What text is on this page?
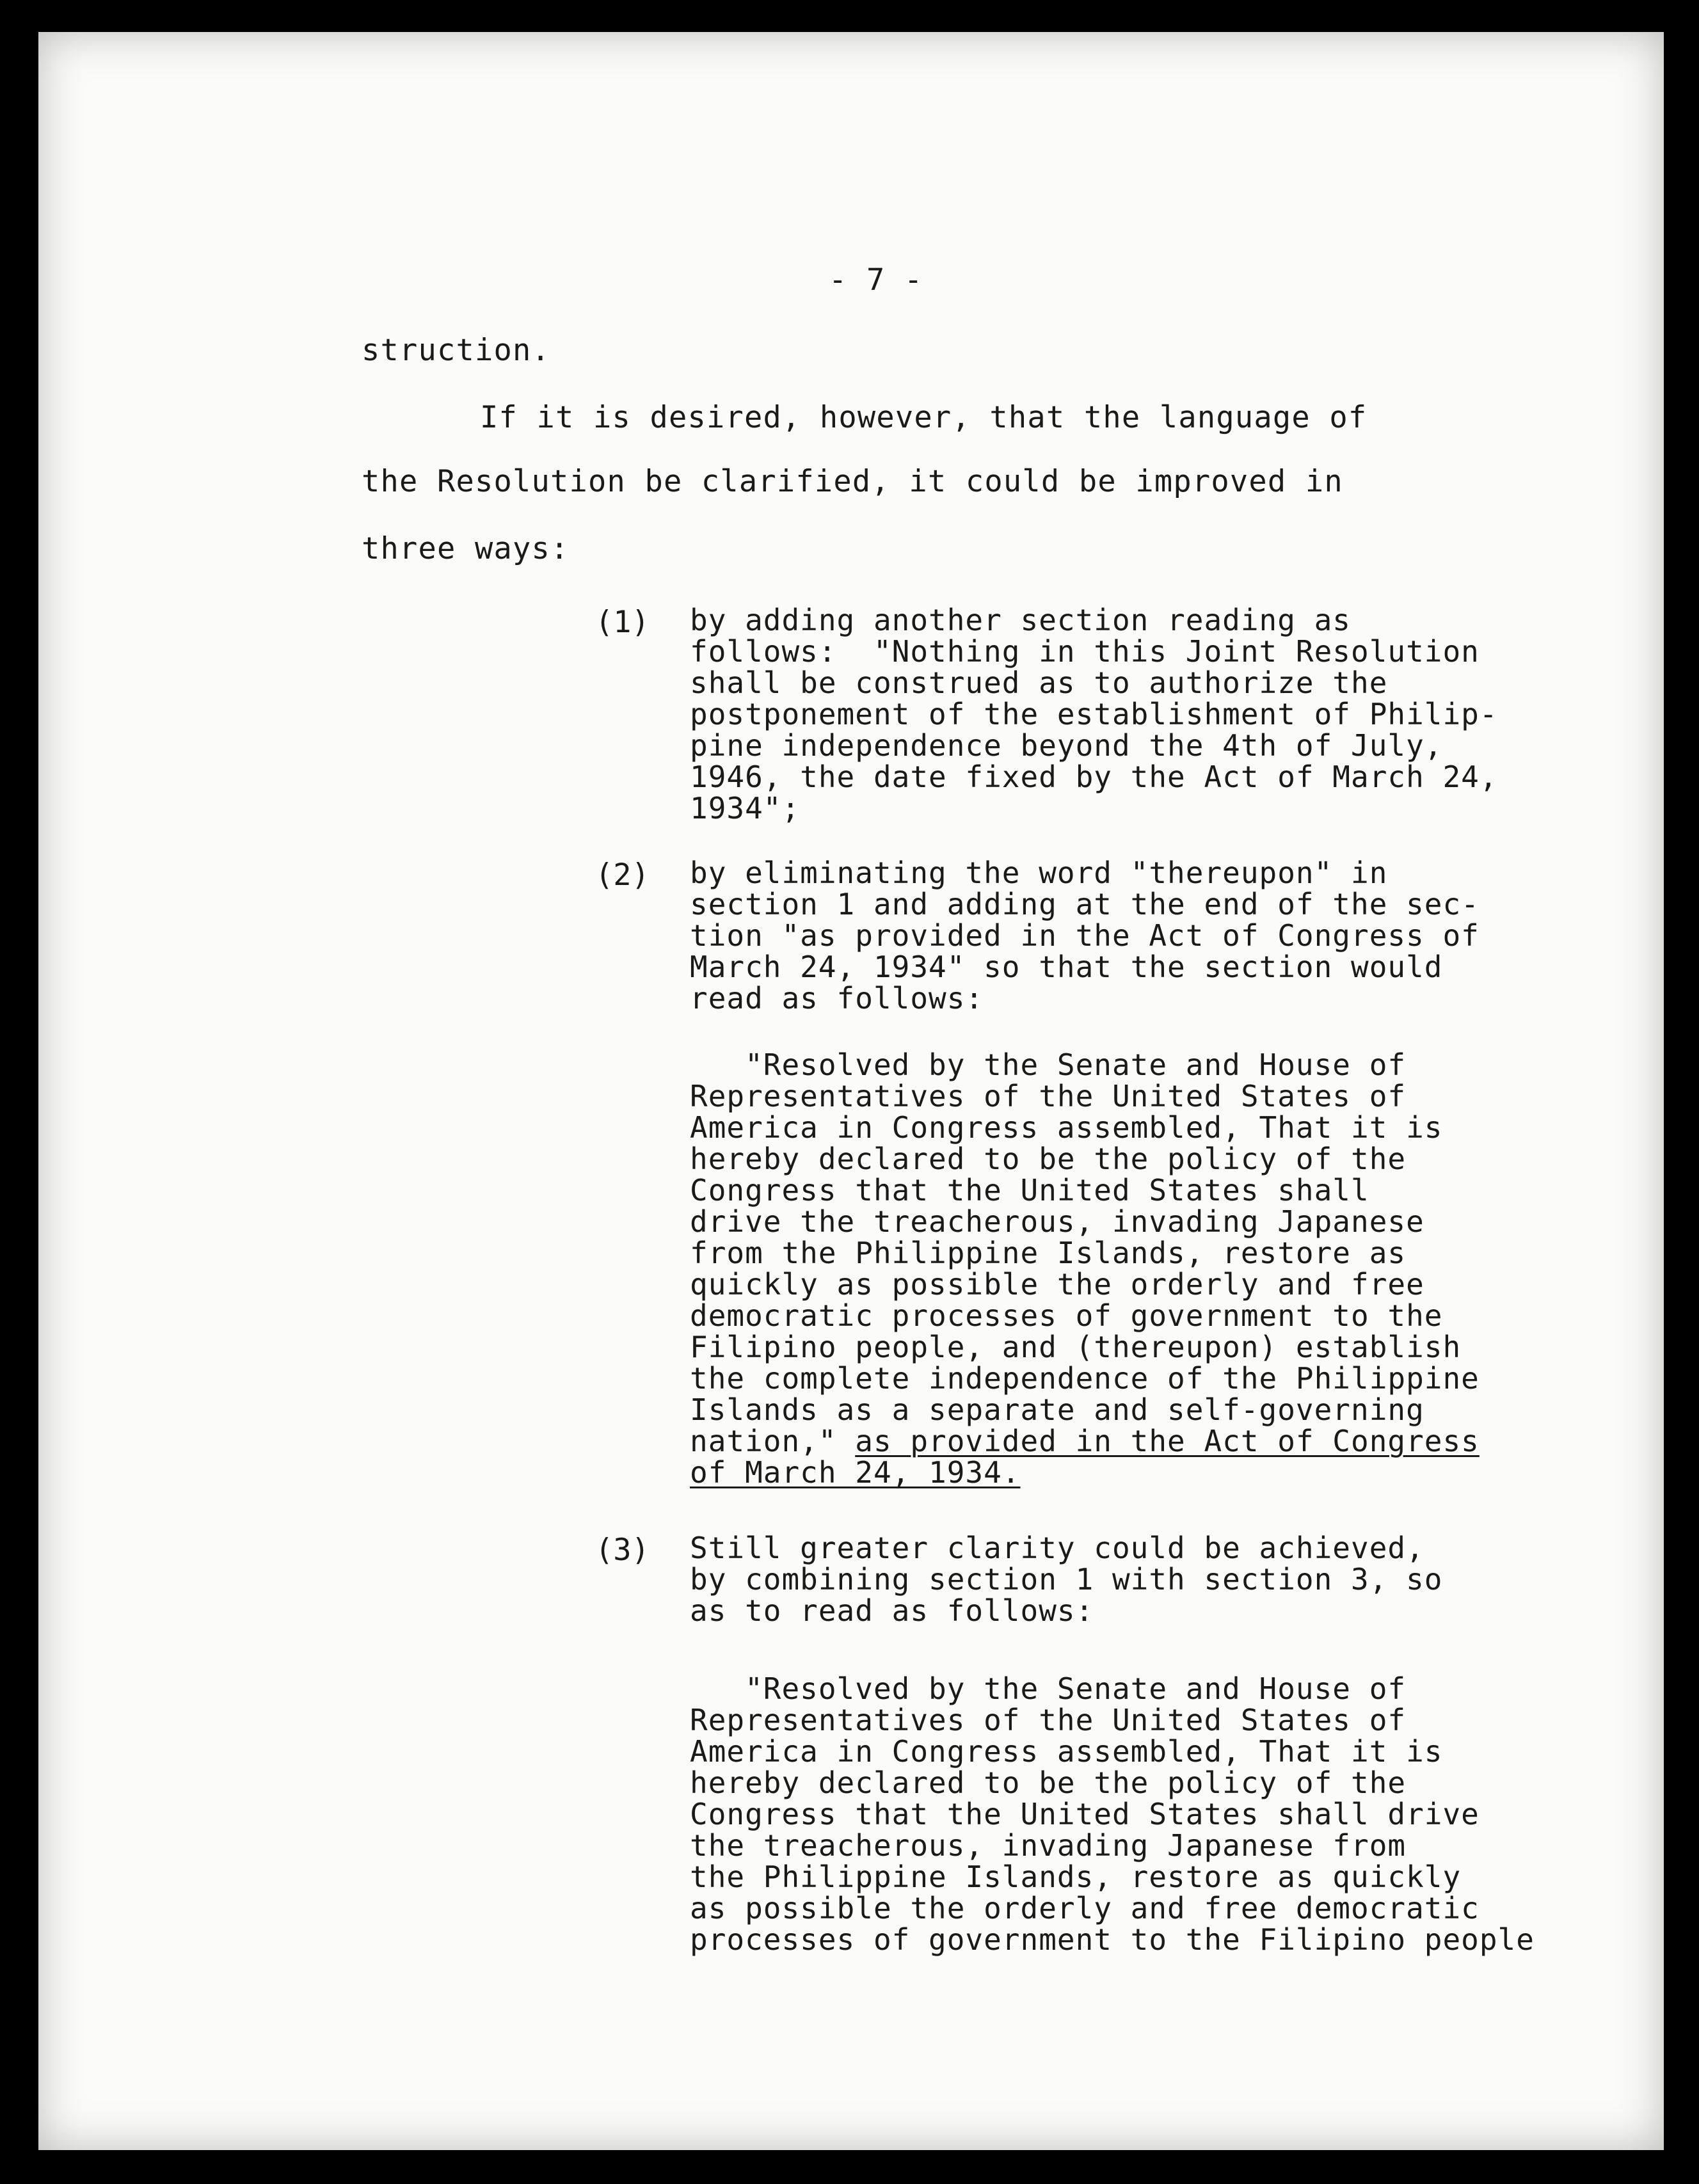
- 7 -
struction.
If it is desired, however, that the language of
the Resolution be clarified, it could be improved in
three ways:
(1) by adding another section reading as
follows:  "Nothing in this Joint Resolution
shall be construed as to authorize the
postponement of the establishment of Philip-
pine independence beyond the 4th of July,
1946, the date fixed by the Act of March 24,
1934";
(2) by eliminating the word "thereupon" in
section 1 and adding at the end of the sec-
tion "as provided in the Act of Congress of
March 24, 1934" so that the section would
read as follows:
"Resolved by the Senate and House of
Representatives of the United States of
America in Congress assembled, That it is
hereby declared to be the policy of the
Congress that the United States shall
drive the treacherous, invading Japanese
from the Philippine Islands, restore as
quickly as possible the orderly and free
democratic processes of government to the
Filipino people, and (thereupon) establish
the complete independence of the Philippine
Islands as a separate and self-governing
nation," as provided in the Act of Congress
of March 24, 1934.
(3) Still greater clarity could be achieved,
by combining section 1 with section 3, so
as to read as follows:
"Resolved by the Senate and House of
Representatives of the United States of
America in Congress assembled, That it is
hereby declared to be the policy of the
Congress that the United States shall drive
the treacherous, invading Japanese from
the Philippine Islands, restore as quickly
as possible the orderly and free democratic
processes of government to the Filipino people
